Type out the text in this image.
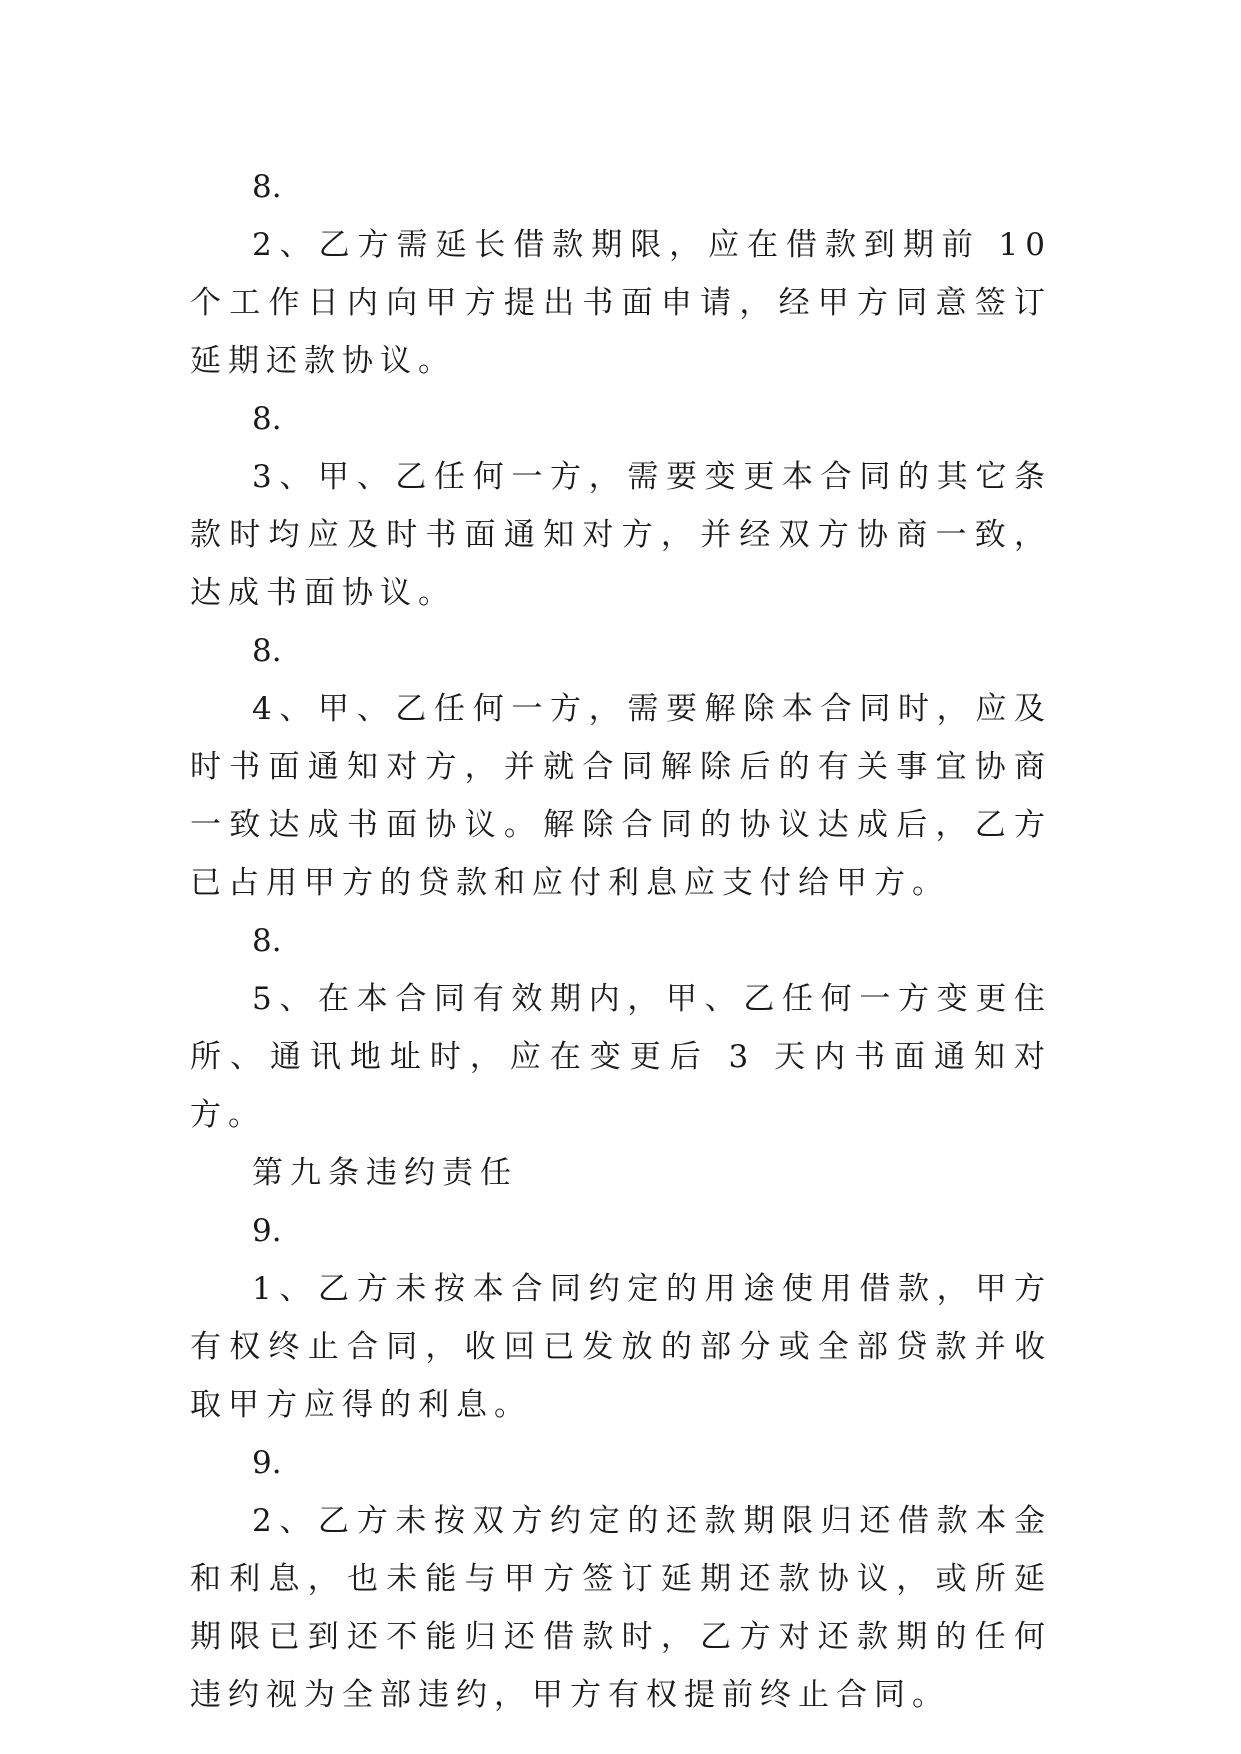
8.

2、乙方需延长借款期限，应在借款到期前 10 个工作日内向甲方提出书面申请，经甲方同意签订延期还款协议。

8.

3、甲、乙任何一方，需要变更本合同的其它条款时均应及时书面通知对方，并经双方协商一致，达成书面协议。

8.

4、甲、乙任何一方，需要解除本合同时，应及时书面通知对方，并就合同解除后的有关事宜协商一致达成书面协议。解除合同的协议达成后，乙方已占用甲方的贷款和应付利息应支付给甲方。

8.

5、在本合同有效期内，甲、乙任何一方变更住所、通讯地址时，应在变更后 3 天内书面通知对方。

第九条违约责任

9.

1、乙方未按本合同约定的用途使用借款，甲方有权终止合同，收回已发放的部分或全部贷款并收取甲方应得的利息。

9.

2、乙方未按双方约定的还款期限归还借款本金和利息，也未能与甲方签订延期还款协议，或所延期限已到还不能归还借款时，乙方对还款期的任何违约视为全部违约，甲方有权提前终止合同。
